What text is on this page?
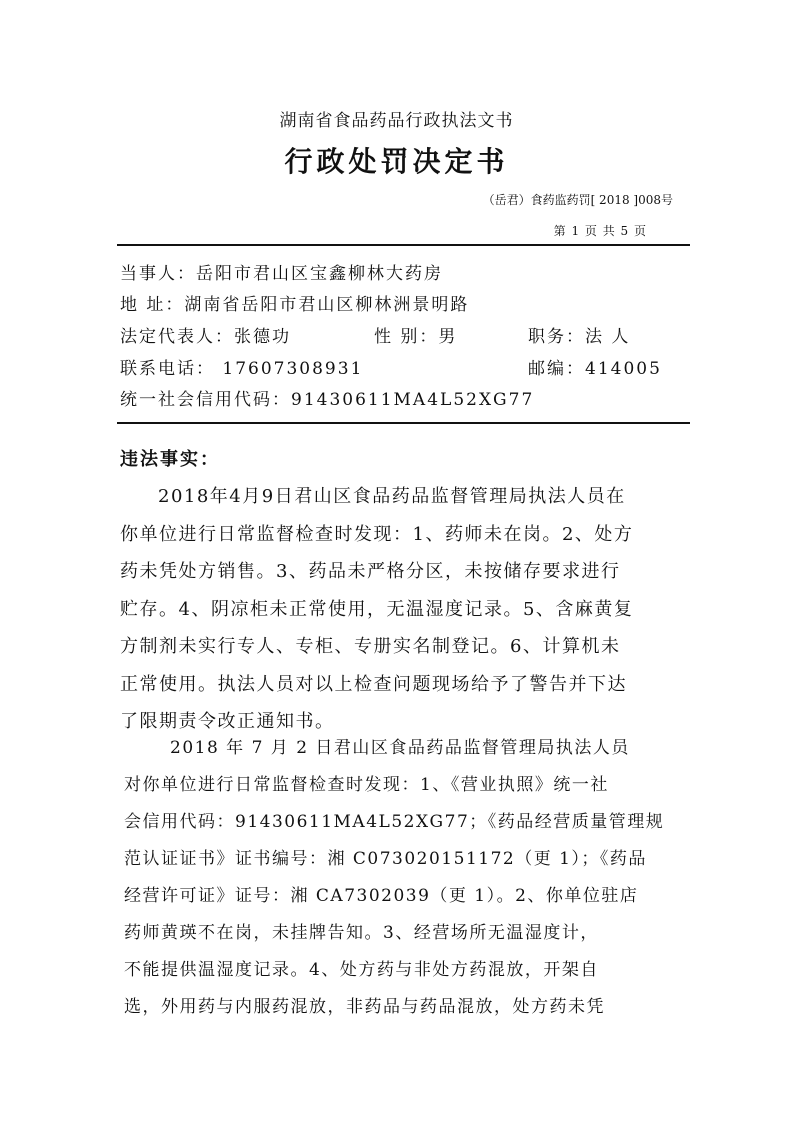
湖南省食品药品行政执法文书
行政处罚决定书
（岳君）食药监药罚[ 2018 ]008号
第 1 页 共 5 页
当事人：岳阳市君山区宝鑫柳林大药房
地 址：湖南省岳阳市君山区柳林洲景明路
法定代表人：张德功	性 别：男	职务：法 人
联系电话： 17607308931	邮编：414005
统一社会信用代码：91430611MA4L52XG77
违法事实：
2018年4月9日君山区食品药品监督管理局执法人员在
你单位进行日常监督检查时发现：1、药师未在岗。2、处方
药未凭处方销售。3、药品未严格分区，未按储存要求进行
贮存。4、阴凉柜未正常使用，无温湿度记录。5、含麻黄复
方制剂未实行专人、专柜、专册实名制登记。6、计算机未
正常使用。执法人员对以上检查问题现场给予了警告并下达
了限期责令改正通知书。
2018 年 7 月 2 日君山区食品药品监督管理局执法人员
对你单位进行日常监督检查时发现：1、《营业执照》统一社
会信用代码：91430611MA4L52XG77；《药品经营质量管理规
范认证证书》证书编号：湘 C073020151172（更 1）；《药品
经营许可证》证号：湘 CA7302039（更 1）。2、你单位驻店
药师黄瑛不在岗，未挂牌告知。3、经营场所无温湿度计，
不能提供温湿度记录。4、处方药与非处方药混放，开架自
选，外用药与内服药混放，非药品与药品混放，处方药未凭
